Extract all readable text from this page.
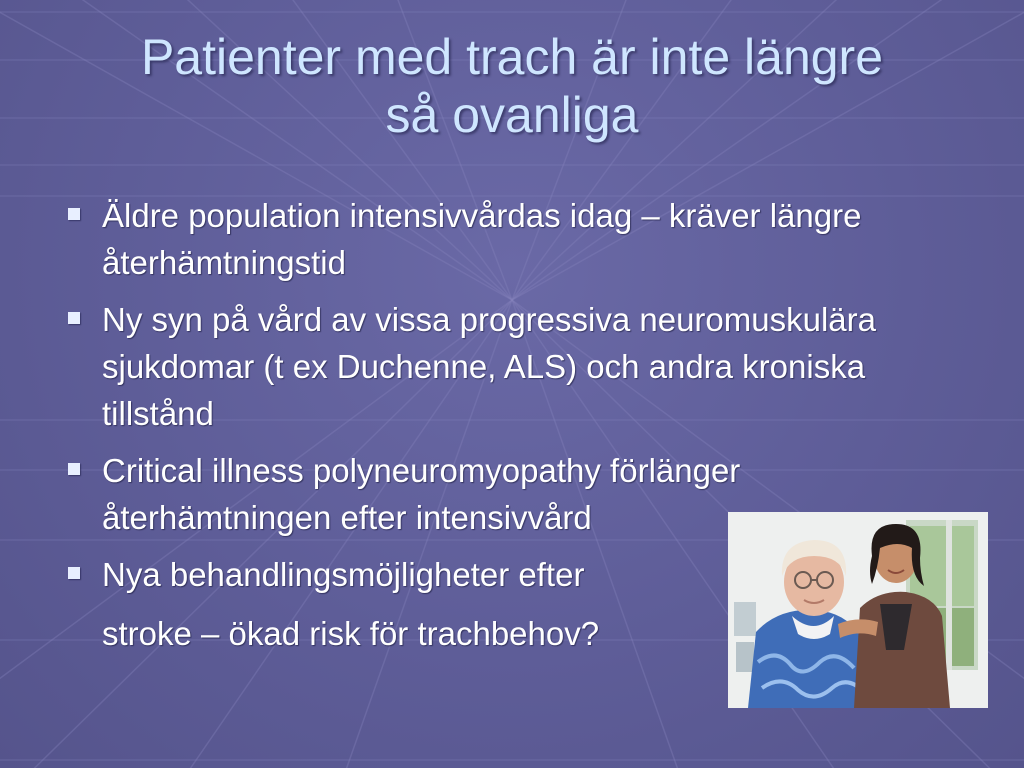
Patienter med trach är inte längre
så ovanliga
Äldre population intensivvårdas idag – kräver längre återhämtningstid
Ny syn på vård av vissa progressiva neuromuskulära sjukdomar (t ex Duchenne, ALS) och andra kroniska tillstånd
Critical illness polyneuromyopathy förlänger återhämtningen efter intensivvård
Nya behandlingsmöjligheter efter
stroke – ökad risk för trachbehov?
